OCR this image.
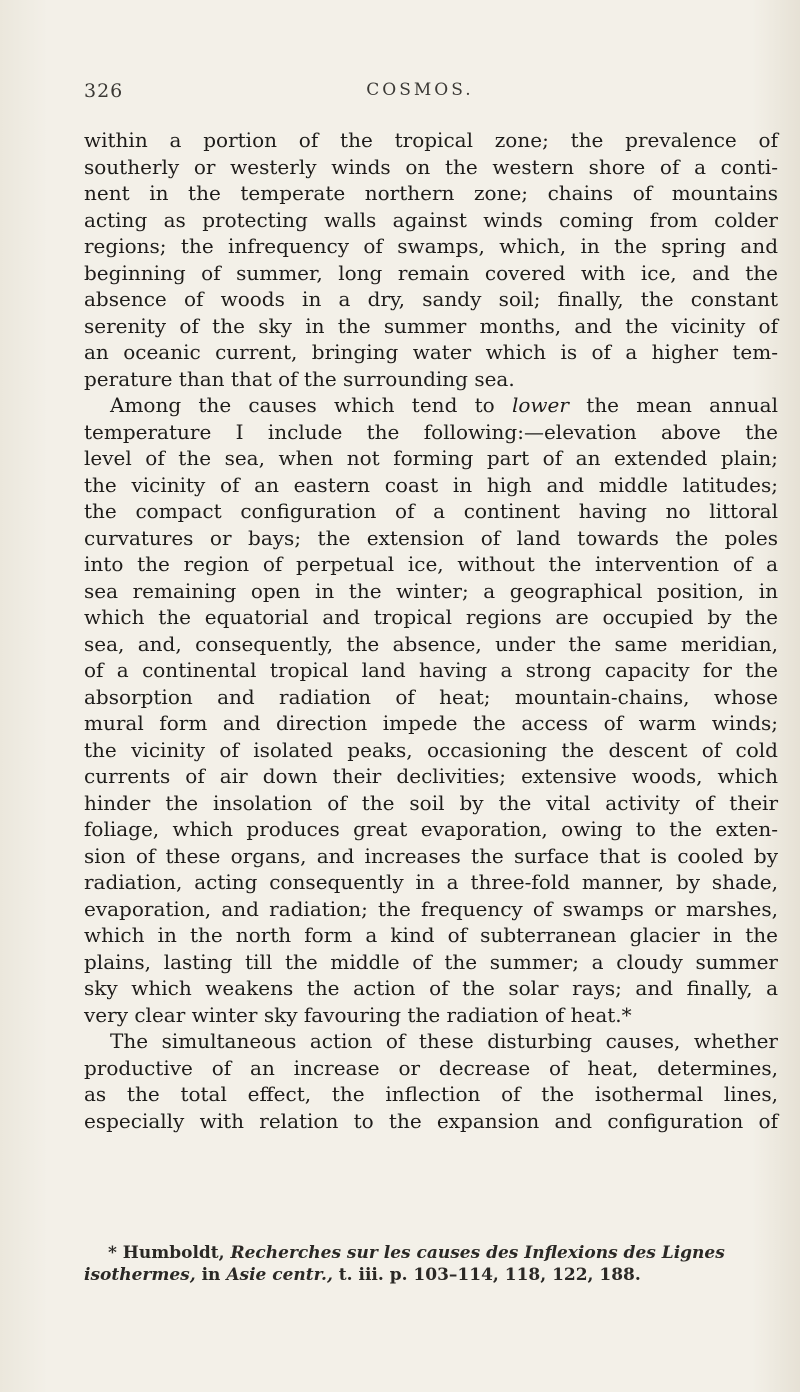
326	COSMOS.

within a portion of the tropical zone; the prevalence of
southerly or westerly winds on the western shore of a conti-
nent in the temperate northern zone; chains of mountains
acting as protecting walls against winds coming from colder
regions; the infrequency of swamps, which, in the spring and
beginning of summer, long remain covered with ice, and the
absence of woods in a dry, sandy soil; finally, the constant
serenity of the sky in the summer months, and the vicinity of
an oceanic current, bringing water which is of a higher tem-
perature than that of the surrounding sea.

Among the causes which tend to lower the mean annual
temperature I include the following:—elevation above the
level of the sea, when not forming part of an extended plain;
the vicinity of an eastern coast in high and middle latitudes;
the compact configuration of a continent having no littoral
curvatures or bays; the extension of land towards the poles
into the region of perpetual ice, without the intervention of a
sea remaining open in the winter; a geographical position, in
which the equatorial and tropical regions are occupied by the
sea, and, consequently, the absence, under the same meridian,
of a continental tropical land having a strong capacity for the
absorption and radiation of heat; mountain-chains, whose
mural form and direction impede the access of warm winds;
the vicinity of isolated peaks, occasioning the descent of cold
currents of air down their declivities; extensive woods, which
hinder the insolation of the soil by the vital activity of their
foliage, which produces great evaporation, owing to the exten-
sion of these organs, and increases the surface that is cooled by
radiation, acting consequently in a three-fold manner, by shade,
evaporation, and radiation; the frequency of swamps or marshes,
which in the north form a kind of subterranean glacier in the
plains, lasting till the middle of the summer; a cloudy summer
sky which weakens the action of the solar rays; and finally, a
very clear winter sky favouring the radiation of heat.*

The simultaneous action of these disturbing causes, whether
productive of an increase or decrease of heat, determines,
as the total effect, the inflection of the isothermal lines,
especially with relation to the expansion and configuration of

* Humboldt, Recherches sur les causes des Inflexions des Lignes
isothermes, in Asie centr., t. iii. p. 103–114, 118, 122, 188.
